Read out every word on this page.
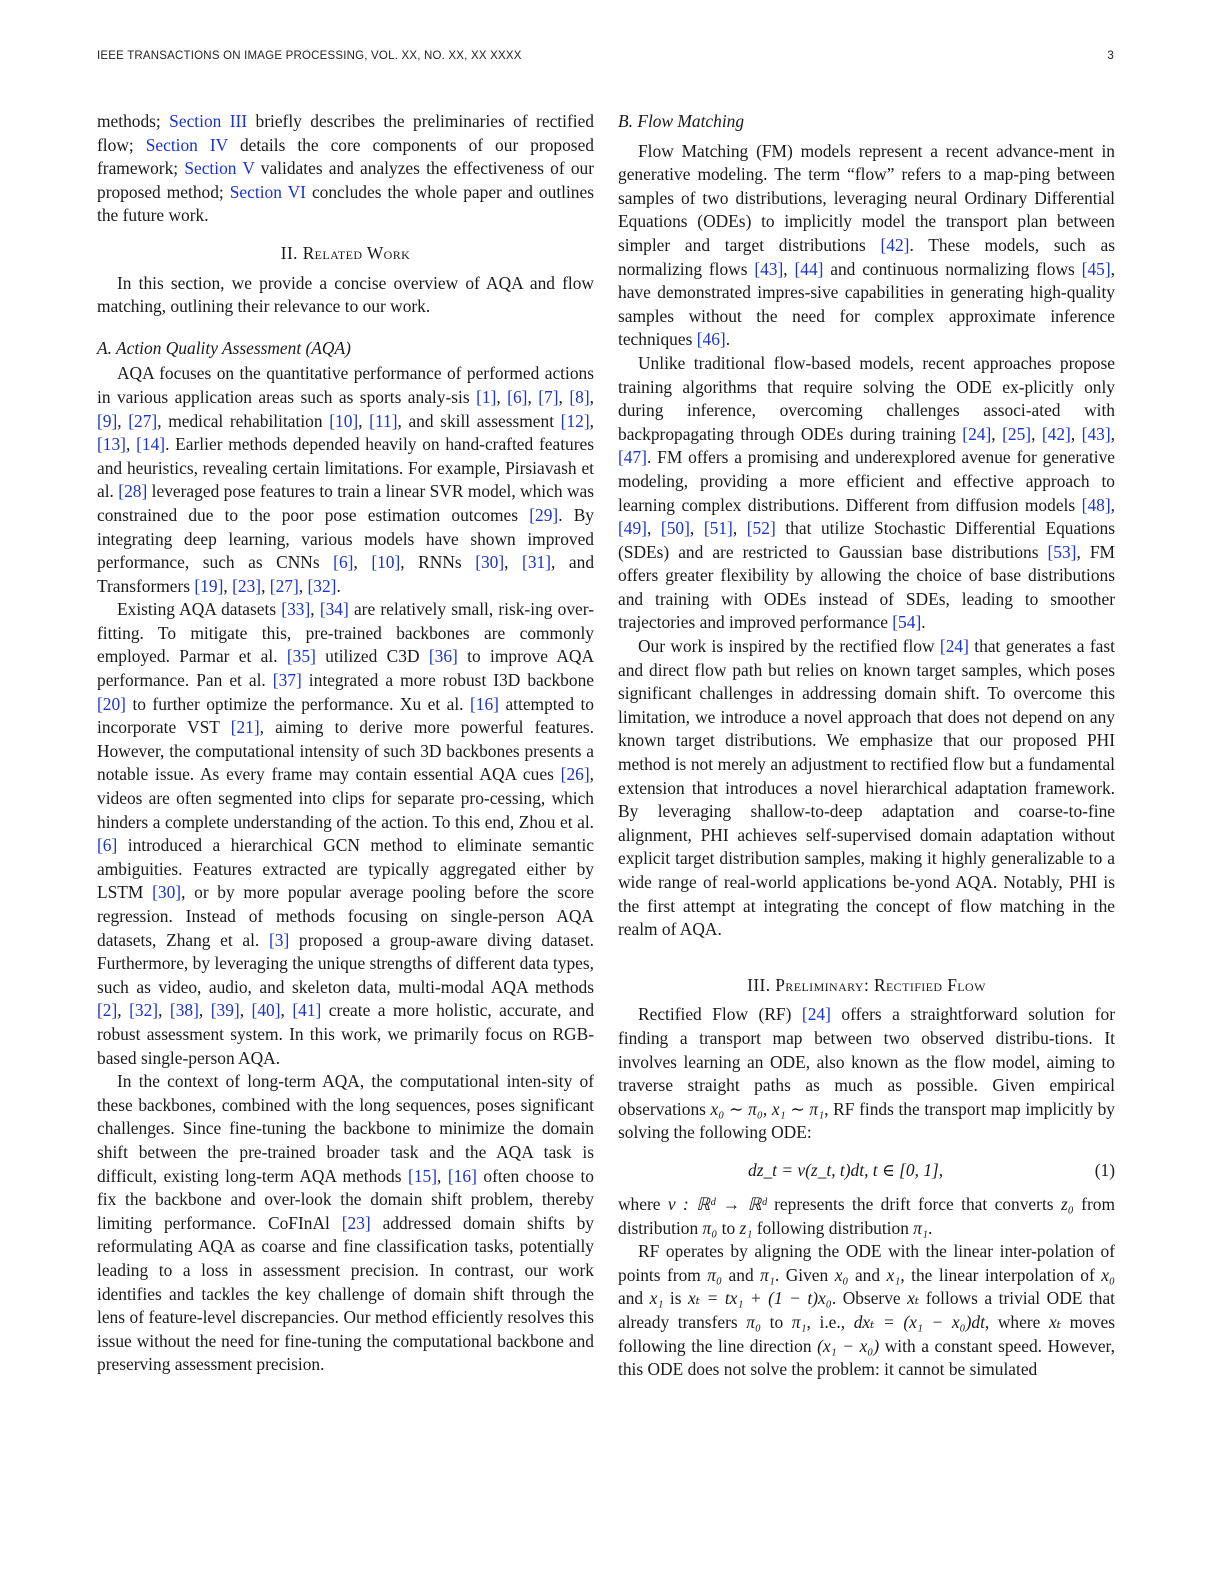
IEEE TRANSACTIONS ON IMAGE PROCESSING, VOL. XX, NO. XX, XX XXXX	3

methods; Section III briefly describes the preliminaries of rectified flow; Section IV details the core components of our proposed framework; Section V validates and analyzes the effectiveness of our proposed method; Section VI concludes the whole paper and outlines the future work.

II. Related Work

In this section, we provide a concise overview of AQA and flow matching, outlining their relevance to our work.

A. Action Quality Assessment (AQA)

AQA focuses on the quantitative performance of performed actions in various application areas such as sports analy-sis [1], [6], [7], [8], [9], [27], medical rehabilitation [10], [11], and skill assessment [12], [13], [14]. Earlier methods depended heavily on hand-crafted features and heuristics, revealing certain limitations. For example, Pirsiavash et al. [28] leveraged pose features to train a linear SVR model, which was constrained due to the poor pose estimation outcomes [29]. By integrating deep learning, various models have shown improved performance, such as CNNs [6], [10], RNNs [30], [31], and Transformers [19], [23], [27], [32].

Existing AQA datasets [33], [34] are relatively small, risk-ing over-fitting. To mitigate this, pre-trained backbones are commonly employed. Parmar et al. [35] utilized C3D [36] to improve AQA performance. Pan et al. [37] integrated a more robust I3D backbone [20] to further optimize the performance. Xu et al. [16] attempted to incorporate VST [21], aiming to derive more powerful features. However, the computational intensity of such 3D backbones presents a notable issue. As every frame may contain essential AQA cues [26], videos are often segmented into clips for separate pro-cessing, which hinders a complete understanding of the action. To this end, Zhou et al. [6] introduced a hierarchical GCN method to eliminate semantic ambiguities. Features extracted are typically aggregated either by LSTM [30], or by more popular average pooling before the score regression. Instead of methods focusing on single-person AQA datasets, Zhang et al. [3] proposed a group-aware diving dataset. Furthermore, by leveraging the unique strengths of different data types, such as video, audio, and skeleton data, multi-modal AQA methods [2], [32], [38], [39], [40], [41] create a more holistic, accurate, and robust assessment system. In this work, we primarily focus on RGB-based single-person AQA.

In the context of long-term AQA, the computational inten-sity of these backbones, combined with the long sequences, poses significant challenges. Since fine-tuning the backbone to minimize the domain shift between the pre-trained broader task and the AQA task is difficult, existing long-term AQA methods [15], [16] often choose to fix the backbone and over-look the domain shift problem, thereby limiting performance. CoFInAl [23] addressed domain shifts by reformulating AQA as coarse and fine classification tasks, potentially leading to a loss in assessment precision. In contrast, our work identifies and tackles the key challenge of domain shift through the lens of feature-level discrepancies. Our method efficiently resolves this issue without the need for fine-tuning the computational backbone and preserving assessment precision.

B. Flow Matching

Flow Matching (FM) models represent a recent advance-ment in generative modeling. The term “flow” refers to a map-ping between samples of two distributions, leveraging neural Ordinary Differential Equations (ODEs) to implicitly model the transport plan between simpler and target distributions [42]. These models, such as normalizing flows [43], [44] and continuous normalizing flows [45], have demonstrated impres-sive capabilities in generating high-quality samples without the need for complex approximate inference techniques [46].

Unlike traditional flow-based models, recent approaches propose training algorithms that require solving the ODE ex-plicitly only during inference, overcoming challenges associ-ated with backpropagating through ODEs during training [24], [25], [42], [43], [47]. FM offers a promising and underexplored avenue for generative modeling, providing a more efficient and effective approach to learning complex distributions. Different from diffusion models [48], [49], [50], [51], [52] that utilize Stochastic Differential Equations (SDEs) and are restricted to Gaussian base distributions [53], FM offers greater flexibility by allowing the choice of base distributions and training with ODEs instead of SDEs, leading to smoother trajectories and improved performance [54].

Our work is inspired by the rectified flow [24] that generates a fast and direct flow path but relies on known target samples, which poses significant challenges in addressing domain shift. To overcome this limitation, we introduce a novel approach that does not depend on any known target distributions. We emphasize that our proposed PHI method is not merely an adjustment to rectified flow but a fundamental extension that introduces a novel hierarchical adaptation framework. By leveraging shallow-to-deep adaptation and coarse-to-fine alignment, PHI achieves self-supervised domain adaptation without explicit target distribution samples, making it highly generalizable to a wide range of real-world applications be-yond AQA. Notably, PHI is the first attempt at integrating the concept of flow matching in the realm of AQA.

III. Preliminary: Rectified Flow

Rectified Flow (RF) [24] offers a straightforward solution for finding a transport map between two observed distribu-tions. It involves learning an ODE, also known as the flow model, aiming to traverse straight paths as much as possible. Given empirical observations x₀ ∼ π₀, x₁ ∼ π₁, RF finds the transport map implicitly by solving the following ODE:

dz_t = v(z_t, t)dt, t ∈ [0, 1],	(1)

where v : ℝᵈ → ℝᵈ represents the drift force that converts z₀ from distribution π₀ to z₁ following distribution π₁.

RF operates by aligning the ODE with the linear inter-polation of points from π₀ and π₁. Given x₀ and x₁, the linear interpolation of x₀ and x₁ is xₜ = tx₁ + (1 − t)x₀. Observe xₜ follows a trivial ODE that already transfers π₀ to π₁, i.e., dxₜ = (x₁ − x₀)dt, where xₜ moves following the line direction (x₁ − x₀) with a constant speed. However, this ODE does not solve the problem: it cannot be simulated
